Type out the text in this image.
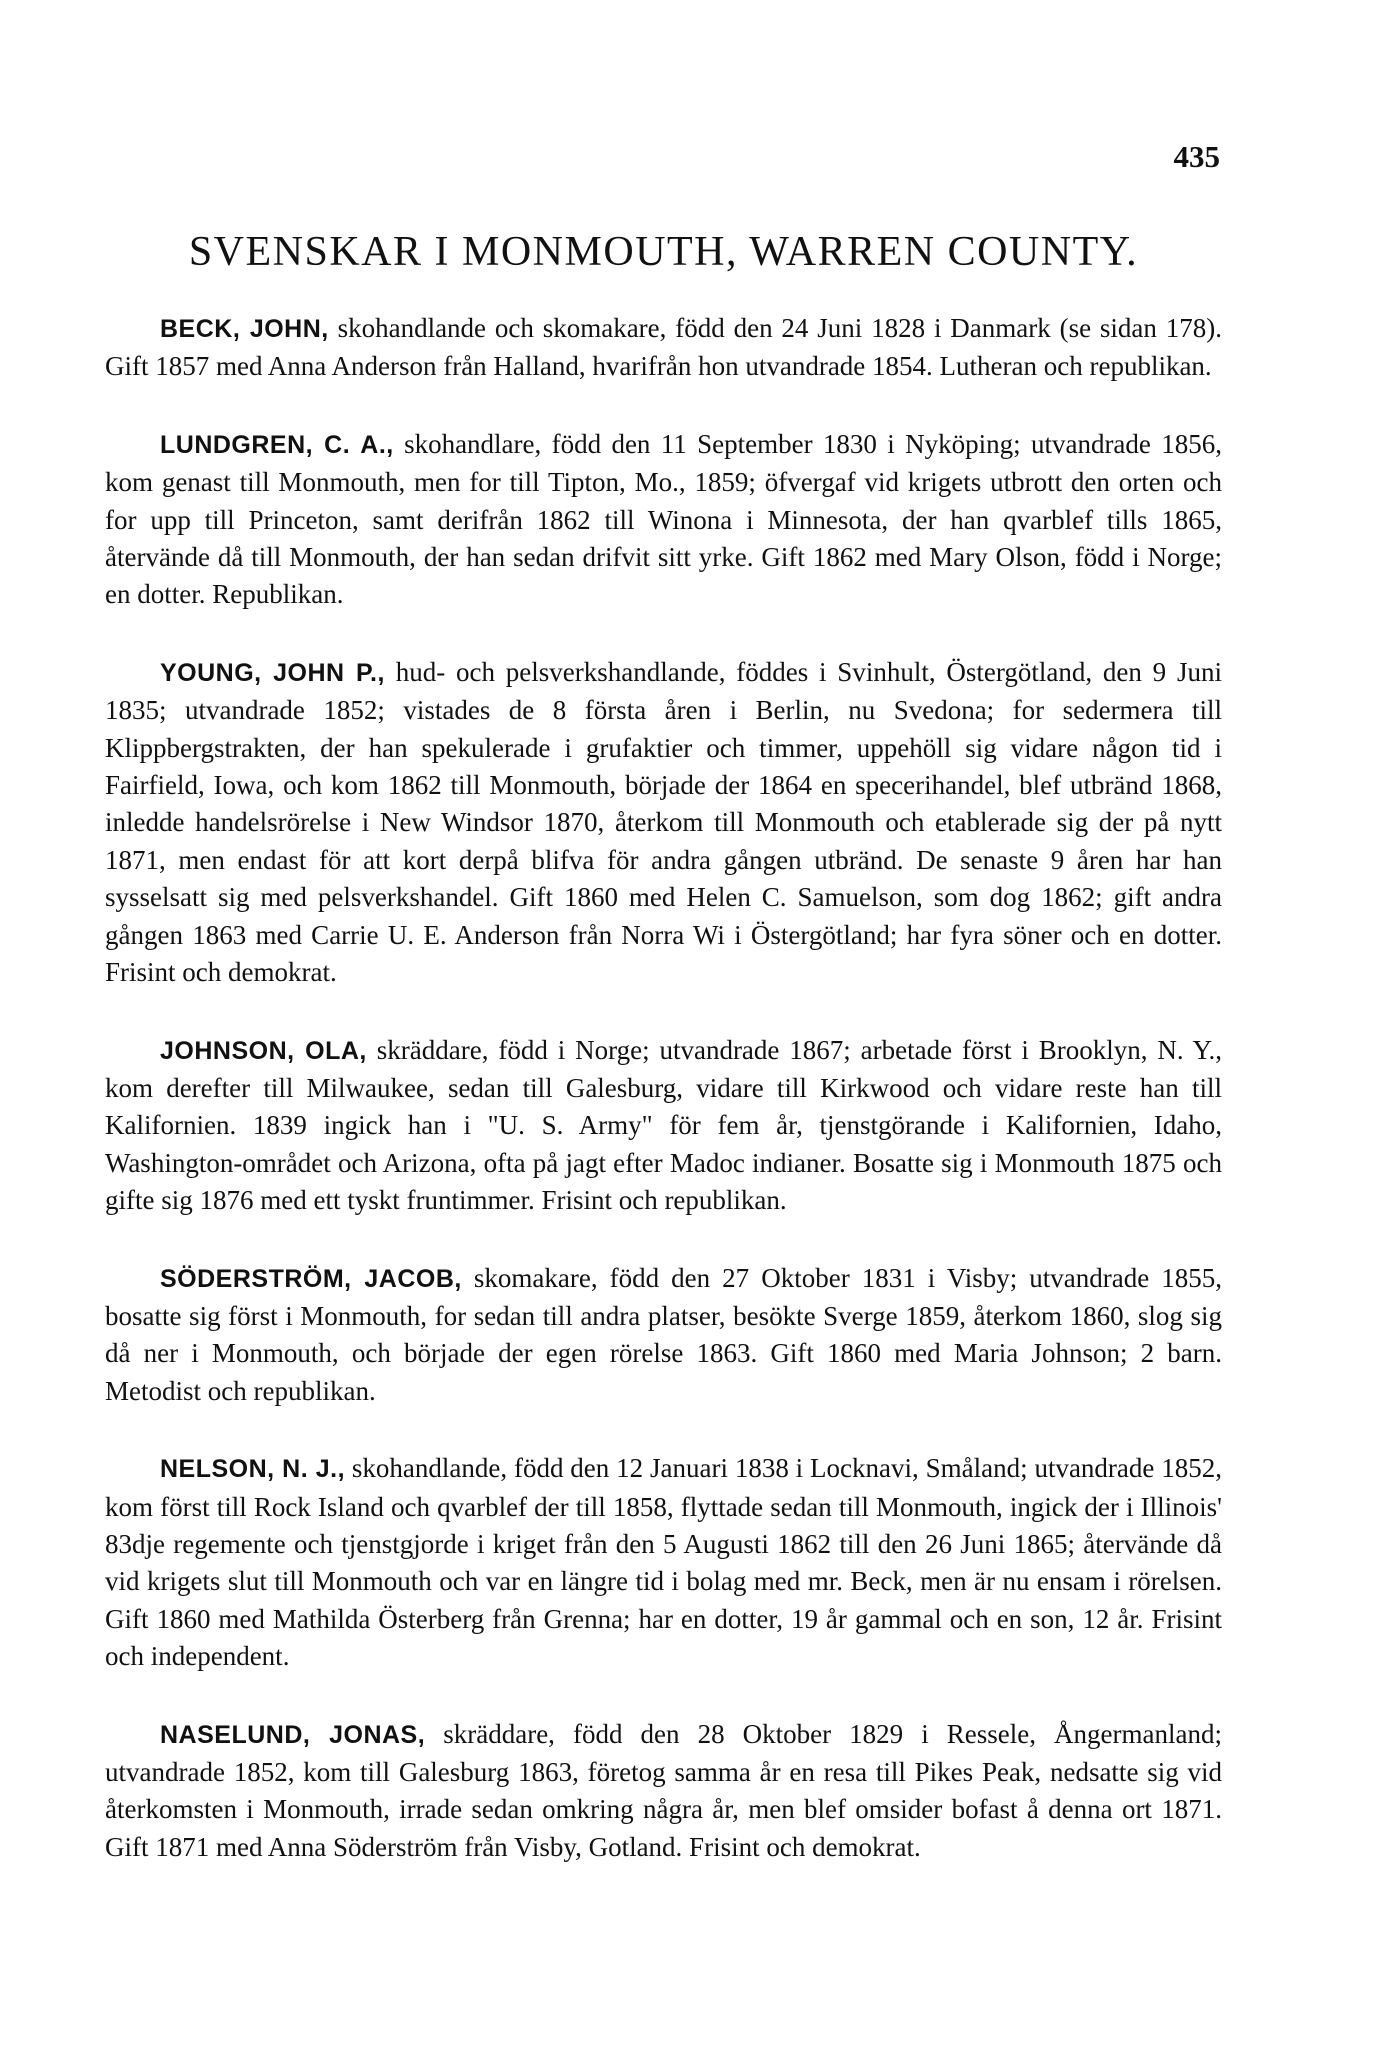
435
SVENSKAR I MONMOUTH, WARREN COUNTY.

BECK, JOHN, skohandlande och skomakare, född den 24 Juni 1828 i Danmark (se sidan 178). Gift 1857 med Anna Anderson från Halland, hvarifrån hon utvandrade 1854. Lutheran och republikan.

LUNDGREN, C. A., skohandlare, född den 11 September 1830 i Nyköping; utvandrade 1856, kom genast till Monmouth, men for till Tipton, Mo., 1859; öfvergaf vid krigets utbrott den orten och for upp till Princeton, samt derifrån 1862 till Winona i Minnesota, der han qvarblef tills 1865, återvände då till Monmouth, der han sedan drifvit sitt yrke. Gift 1862 med Mary Olson, född i Norge; en dotter. Republikan.

YOUNG, JOHN P., hud- och pelsverkshandlande, föddes i Svinhult, Östergötland, den 9 Juni 1835; utvandrade 1852; vistades de 8 första åren i Berlin, nu Svedona; for sedermera till Klippbergstrakten, der han spekulerade i grufaktier och timmer, uppehöll sig vidare någon tid i Fairfield, Iowa, och kom 1862 till Monmouth, började der 1864 en specerihandel, blef utbränd 1868, inledde handelsrörelse i New Windsor 1870, återkom till Monmouth och etablerade sig der på nytt 1871, men endast för att kort derpå blifva för andra gången utbränd. De senaste 9 åren har han sysselsatt sig med pelsverkshandel. Gift 1860 med Helen C. Samuelson, som dog 1862; gift andra gången 1863 med Carrie U. E. Anderson från Norra Wi i Östergötland; har fyra söner och en dotter. Frisint och demokrat.

JOHNSON, OLA, skräddare, född i Norge; utvandrade 1867; arbetade först i Brooklyn, N. Y., kom derefter till Milwaukee, sedan till Galesburg, vidare till Kirkwood och vidare reste han till Kalifornien. 1839 ingick han i "U. S. Army" för fem år, tjenstgörande i Kalifornien, Idaho, Washington-området och Arizona, ofta på jagt efter Madoc indianer. Bosatte sig i Monmouth 1875 och gifte sig 1876 med ett tyskt fruntimmer. Frisint och republikan.

SÖDERSTRÖM, JACOB, skomakare, född den 27 Oktober 1831 i Visby; utvandrade 1855, bosatte sig först i Monmouth, for sedan till andra platser, besökte Sverge 1859, återkom 1860, slog sig då ner i Monmouth, och började der egen rörelse 1863. Gift 1860 med Maria Johnson; 2 barn. Metodist och republikan.

NELSON, N. J., skohandlande, född den 12 Januari 1838 i Locknavi, Småland; utvandrade 1852, kom först till Rock Island och qvarblef der till 1858, flyttade sedan till Monmouth, ingick der i Illinois' 83dje regemente och tjenstgjorde i kriget från den 5 Augusti 1862 till den 26 Juni 1865; återvände då vid krigets slut till Monmouth och var en längre tid i bolag med mr. Beck, men är nu ensam i rörelsen. Gift 1860 med Mathilda Österberg från Grenna; har en dotter, 19 år gammal och en son, 12 år. Frisint och independent.

NASELUND, JONAS, skräddare, född den 28 Oktober 1829 i Ressele, Ångermanland; utvandrade 1852, kom till Galesburg 1863, företog samma år en resa till Pikes Peak, nedsatte sig vid återkomsten i Monmouth, irrade sedan omkring några år, men blef omsider bofast å denna ort 1871. Gift 1871 med Anna Söderström från Visby, Gotland. Frisint och demokrat.
